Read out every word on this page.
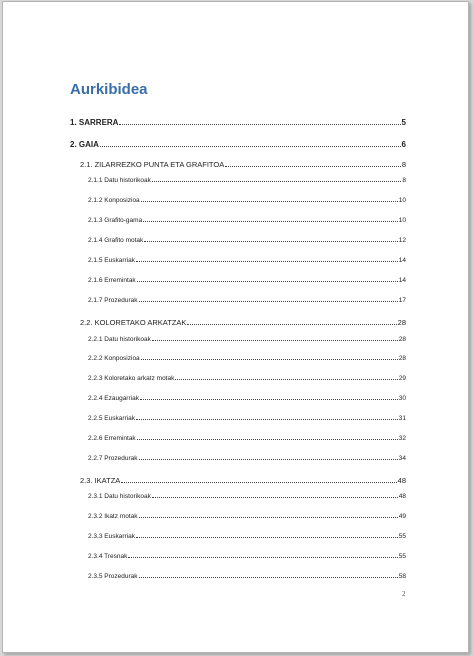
Aurkibidea
1. SARRERA	5
2. GAIA	6
2.1. ZILARREZKO PUNTA ETA GRAFITOA	8
2.1.1 Datu historikoak	8
2.1.2 Konposizioa	10
2.1.3 Grafito-gama	10
2.1.4 Grafito motak	12
2.1.5 Euskarriak	14
2.1.6 Erremintak	14
2.1.7 Prozedurak	17
2.2. KOLORETAKO ARKATZAK	28
2.2.1 Datu historikoak	28
2.2.2 Konposizioa	28
2.2.3 Koloretako arkatz motak	29
2.2.4 Ezaugarriak	30
2.2.5 Euskarriak	31
2.2.6 Erremintak	32
2.2.7 Prozedurak	34
2.3. IKATZA	48
2.3.1 Datu historikoak	48
2.3.2 Ikatz motak	49
2.3.3 Euskarriak	55
2.3.4 Tresnak	55
2.3.5 Prozedurak	58
2
